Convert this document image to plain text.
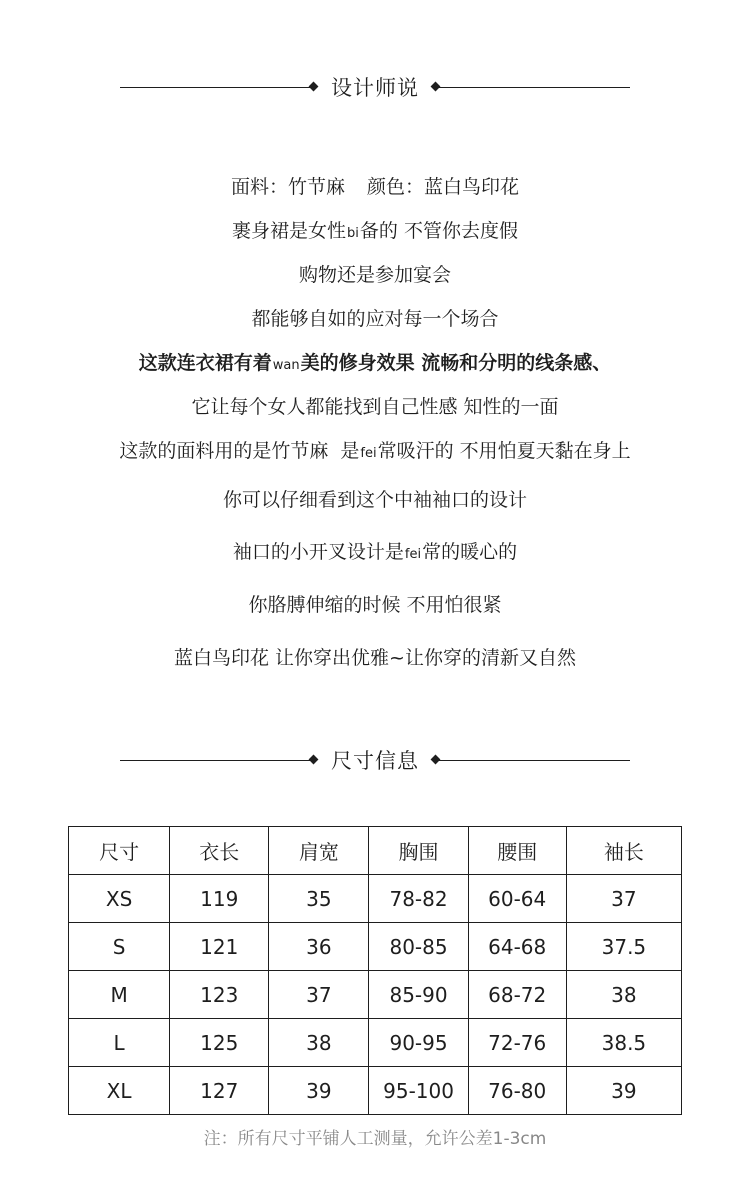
设计师说
面料：竹节麻 颜色：蓝白鸟印花
裹身裙是女性bi备的 不管你去度假
购物还是参加宴会
都能够自如的应对每一个场合
这款连衣裙有着wan美的修身效果 流畅和分明的线条感、
它让每个女人都能找到自己性感 知性的一面
这款的面料用的是竹节麻 是fei常吸汗的 不用怕夏天黏在身上
你可以仔细看到这个中袖袖口的设计
袖口的小开叉设计是fei常的暖心的
你胳膊伸缩的时候 不用怕很紧
蓝白鸟印花 让你穿出优雅~让你穿的清新又自然
尺寸信息
尺寸	衣长	肩宽	胸围	腰围	袖长
XS	119	35	78-82	60-64	37
S	121	36	80-85	64-68	37.5
M	123	37	85-90	68-72	38
L	125	38	90-95	72-76	38.5
XL	127	39	95-100	76-80	39
注：所有尺寸平铺人工测量，允许公差1-3cm
